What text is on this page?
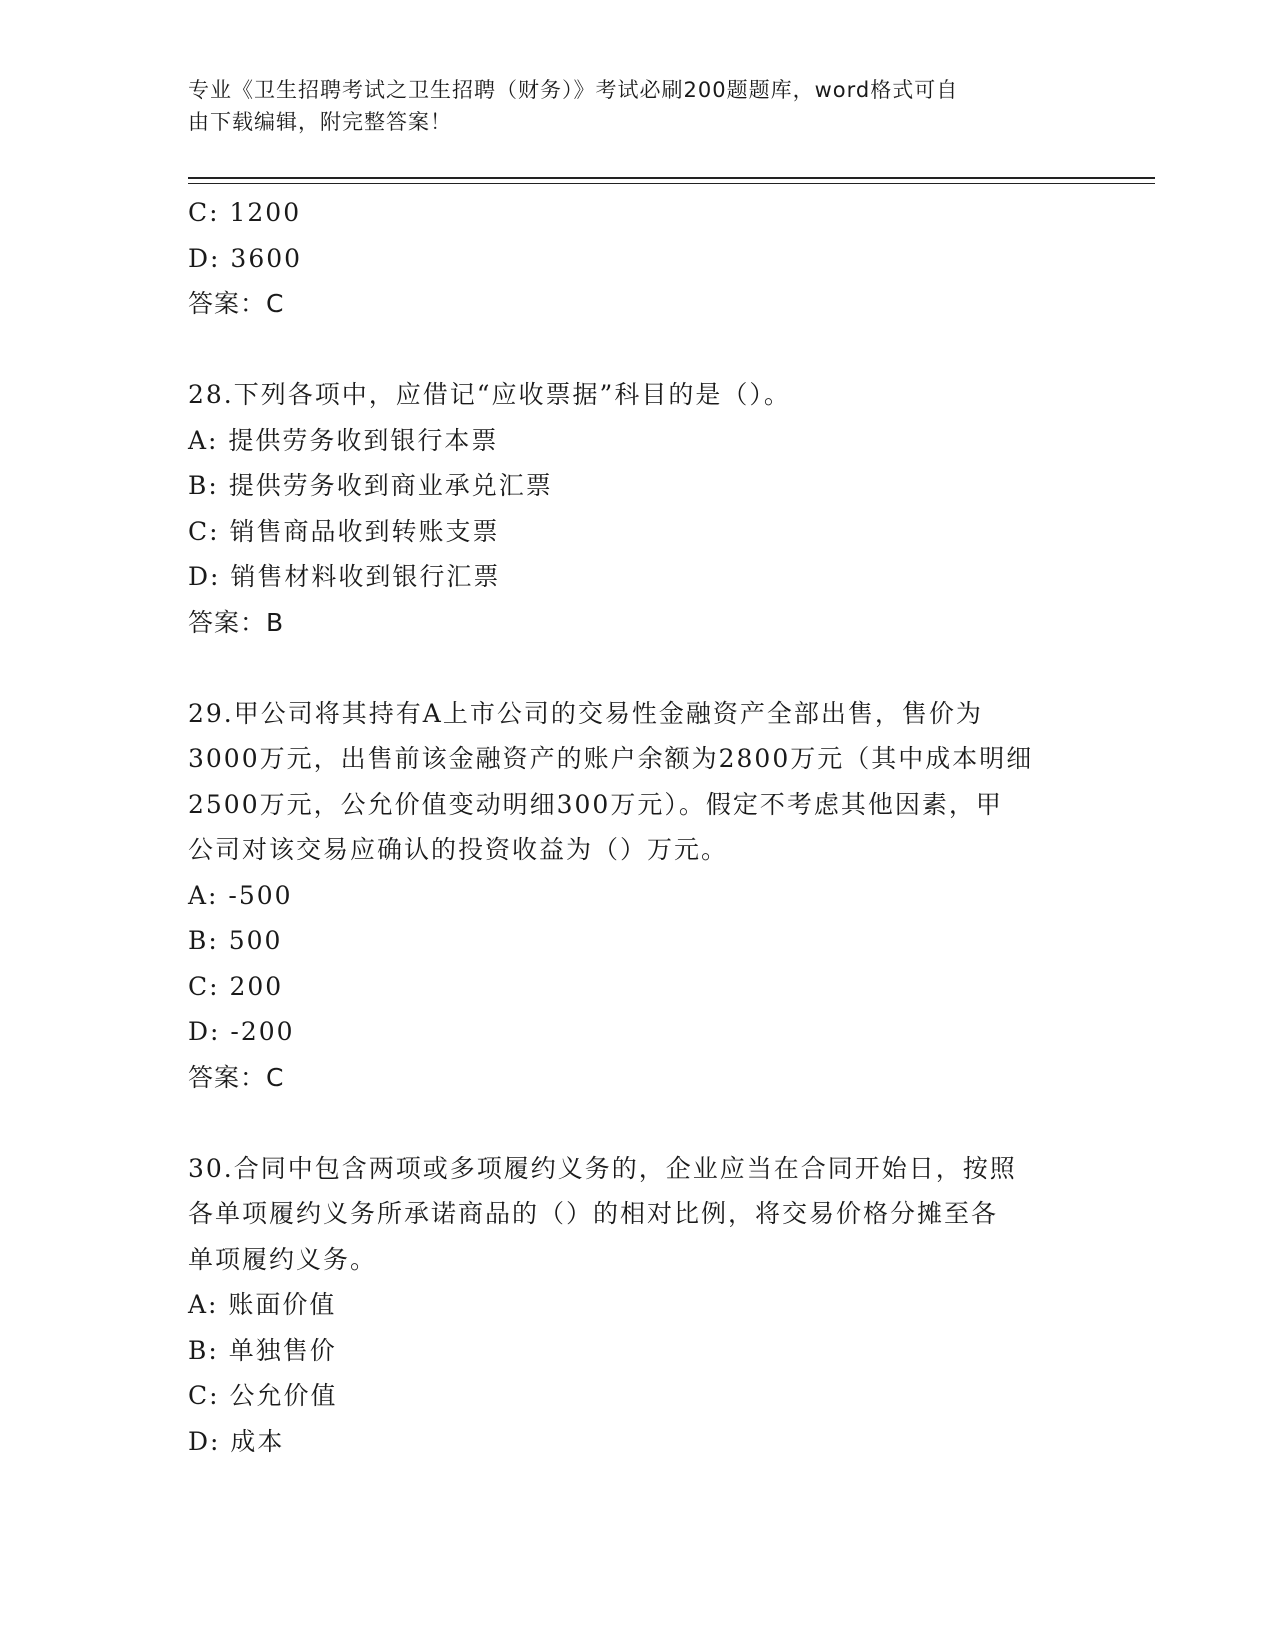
专业《卫生招聘考试之卫生招聘（财务）》考试必刷200题题库，word格式可自
由下载编辑，附完整答案！
C: 1200
D: 3600
答案：C
28.下列各项中，应借记“应收票据”科目的是（）。
A: 提供劳务收到银行本票
B: 提供劳务收到商业承兑汇票
C: 销售商品收到转账支票
D: 销售材料收到银行汇票
答案：B
29.甲公司将其持有A上市公司的交易性金融资产全部出售，售价为
3000万元，出售前该金融资产的账户余额为2800万元（其中成本明细
2500万元，公允价值变动明细300万元）。假定不考虑其他因素，甲
公司对该交易应确认的投资收益为（）万元。
A: -500
B: 500
C: 200
D: -200
答案：C
30.合同中包含两项或多项履约义务的，企业应当在合同开始日，按照
各单项履约义务所承诺商品的（）的相对比例，将交易价格分摊至各
单项履约义务。
A: 账面价值
B: 单独售价
C: 公允价值
D: 成本
